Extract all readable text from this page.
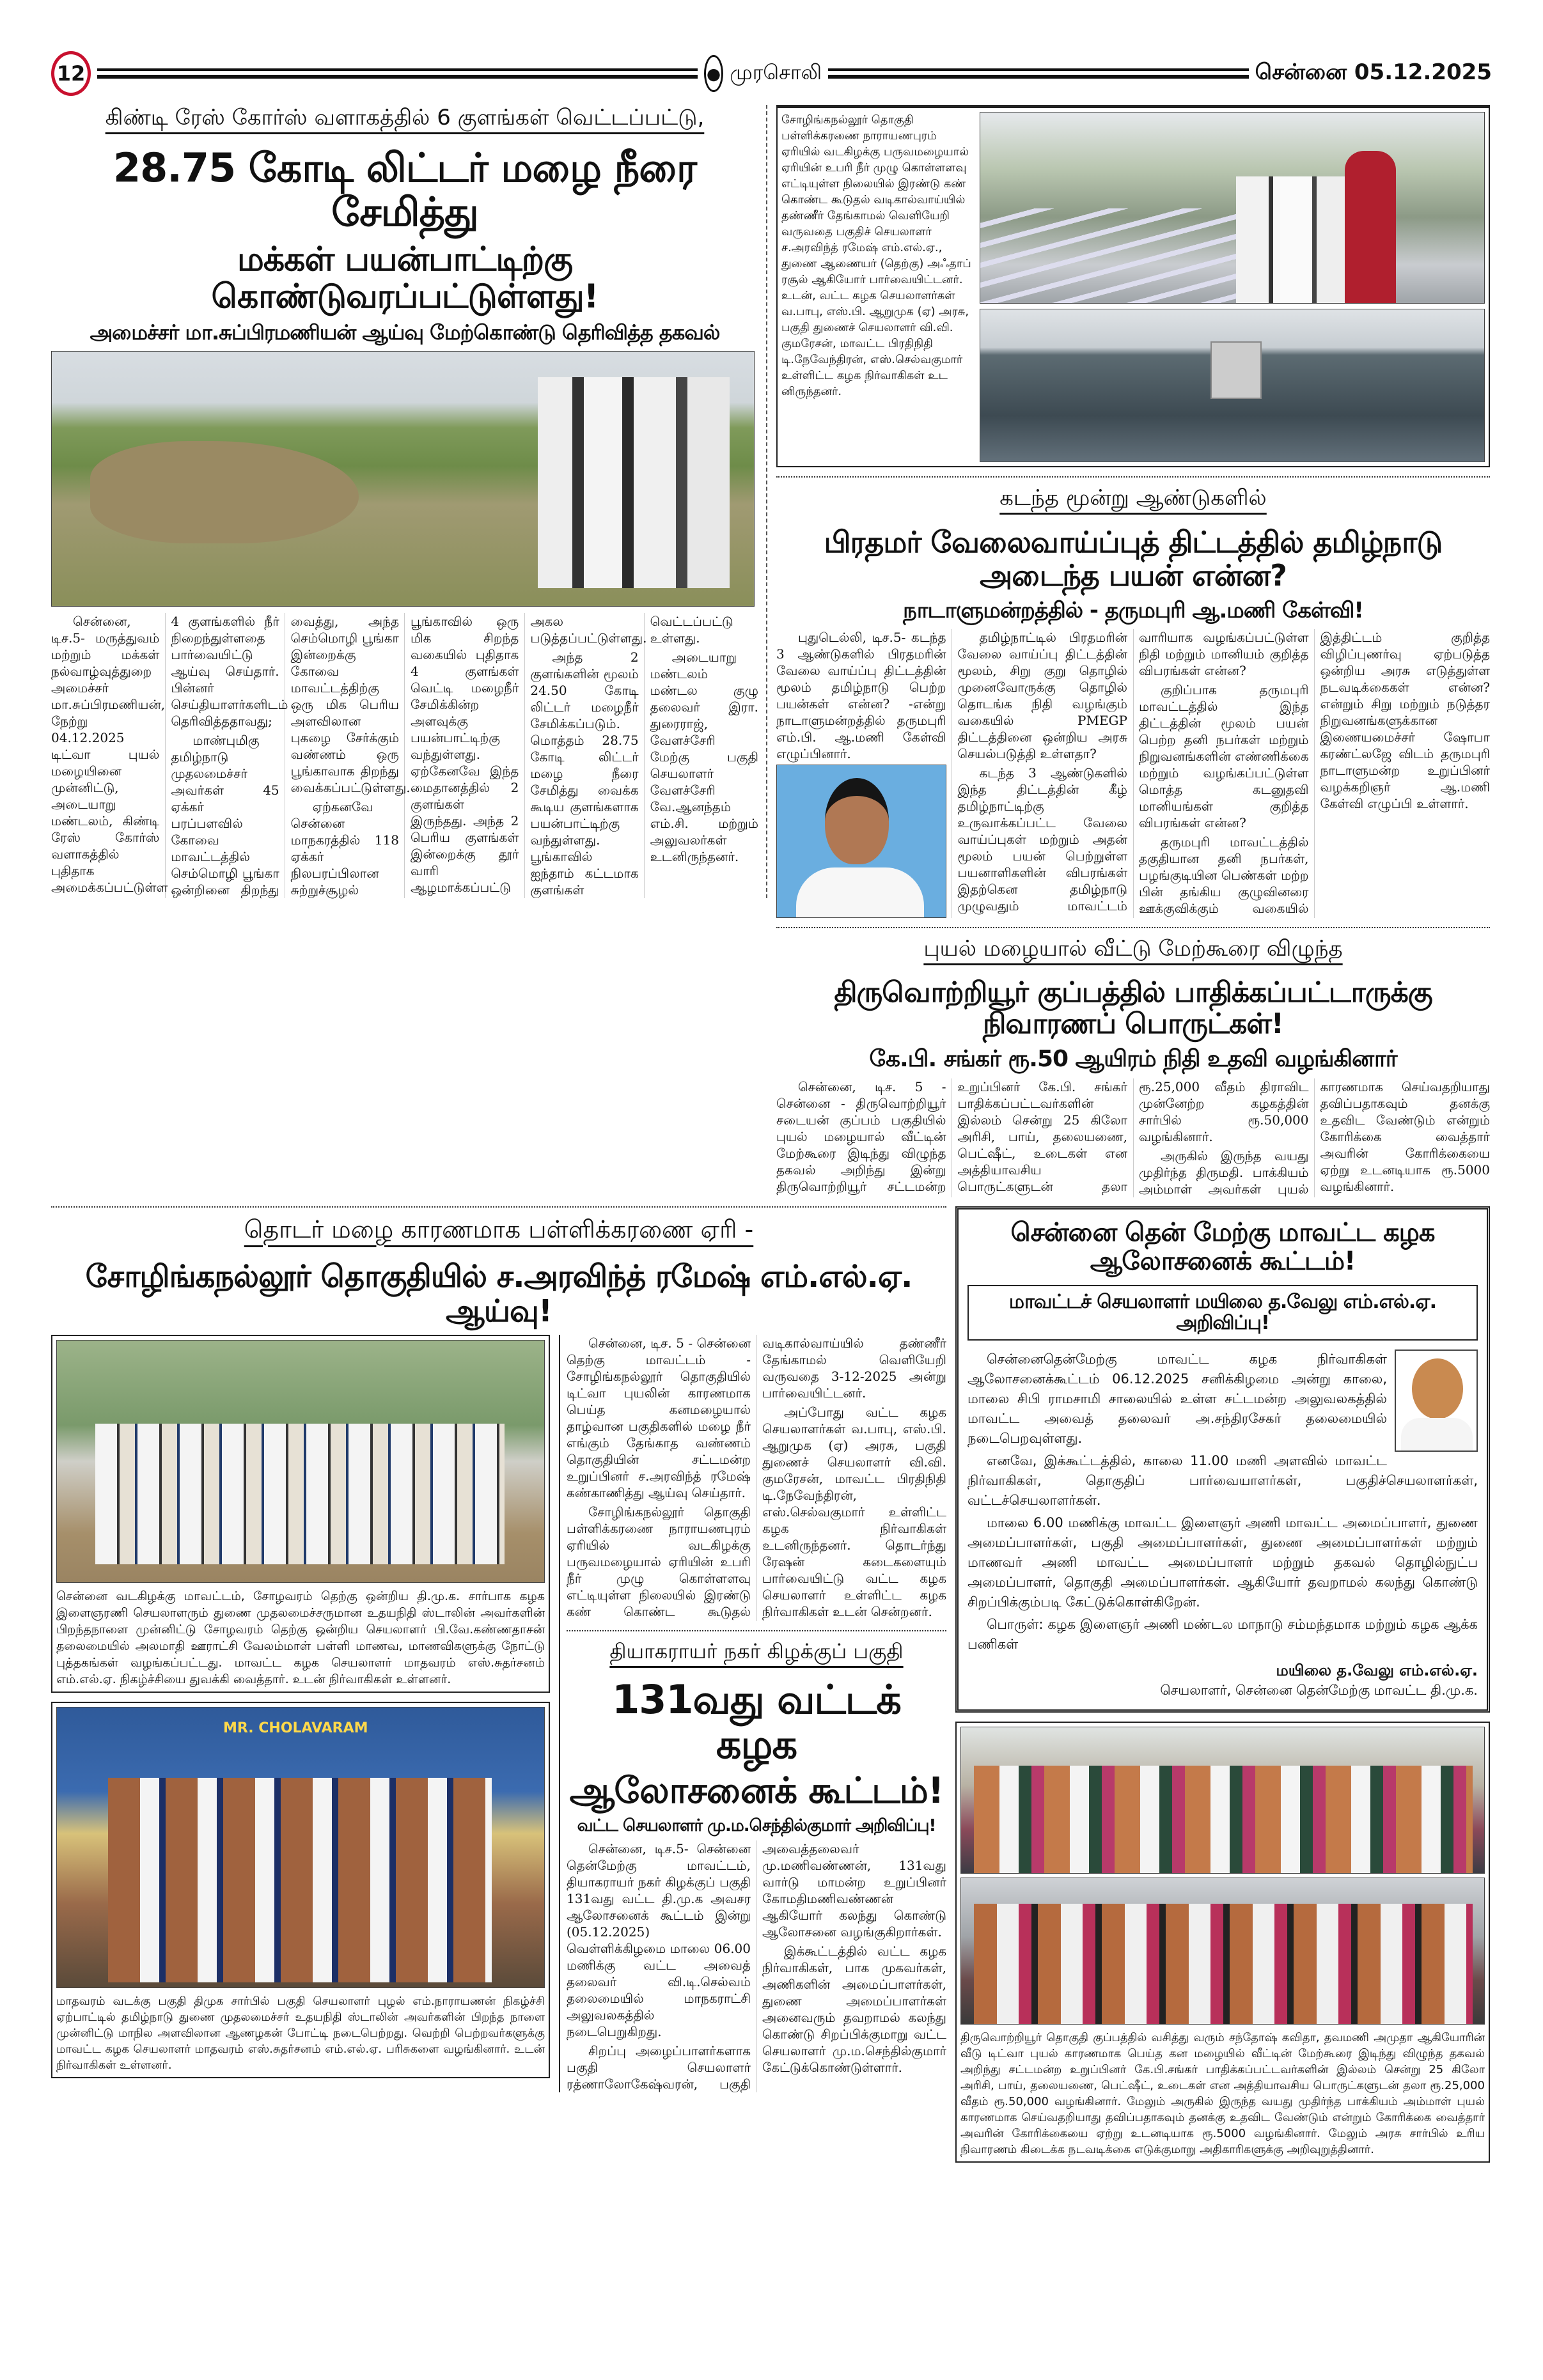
12	முரசொலி	சென்னை 05.12.2025
கிண்டி ரேஸ் கோர்ஸ் வளாகத்தில் 6 குளங்கள் வெட்டப்பட்டு,
28.75 கோடி லிட்டர் மழை நீரை சேமித்து
மக்கள் பயன்பாட்டிற்கு கொண்டுவரப்பட்டுள்ளது!
அமைச்சர் மா.சுப்பிரமணியன் ஆய்வு மேற்கொண்டு தெரிவித்த தகவல்

சென்னை, டிச.5- மருத்துவம் மற்றும் மக்கள் நல்வாழ்வுத்துறை அமைச்சர் மா.சுப்பிரமணியன், நேற்று 04.12.2025 டிட்வா புயல் மழையினை முன்னிட்டு, அடையாறு மண்டலம், கிண்டி ரேஸ் கோர்ஸ் வளாகத்தில் புதிதாக அமைக்கப்பட்டுள்ள 4 குளங்களில் நீர் நிறைந்துள்ளதை பார்வையிட்டு ஆய்வு செய்தார். பின்னர் செய்தியாளர்களிடம் தெரிவித்ததாவது;

மாண்புமிகு தமிழ்நாடு முதலமைச்சர் அவர்கள் 45 ஏக்கர் பரப்பளவில் கோவை மாவட்டத்தில் செம்மொழி பூங்கா ஒன்றினை திறந்து வைத்து, அந்த செம்மொழி பூங்கா இன்றைக்கு கோவை மாவட்டத்திற்கு ஒரு மிக பெரிய அளவிலான புகழை சேர்க்கும் வண்ணம் ஒரு பூங்காவாக திறந்து வைக்கப்பட்டுள்ளது.

ஏற்கனவே சென்னை மாநகரத்தில் 118 ஏக்கர் நிலபரப்பிலான சுற்றுச்சூழல் பூங்காவில் ஒரு மிக சிறந்த வகையில் புதிதாக 4 குளங்கள் வெட்டி மழைநீர் சேமிக்கின்ற அளவுக்கு பயன்பாட்டிற்கு வந்துள்ளது. ஏற்கேனவே இந்த மைதானத்தில் 2 குளங்கள் இருந்தது. அந்த 2 பெரிய குளங்கள் இன்றைக்கு தூர் வாரி ஆழமாக்கப்பட்டு அகல படுத்தப்பட்டுள்ளது.

அந்த 2 குளங்களின் மூலம் 24.50 கோடி லிட்டர் மழைநீர் சேமிக்கப்படும். மொத்தம் 28.75 கோடி லிட்டர் மழை நீரை சேமித்து வைக்க கூடிய குளங்களாக பயன்பாட்டிற்கு வந்துள்ளது. பூங்காவில் ஐந்தாம் கட்டமாக குளங்கள் வெட்டப்பட்டு உள்ளது.

அடையாறு மண்டலம் மண்டல குழு தலைவர் இரா. துரைராஜ், வேளச்சேரி மேற்கு பகுதி செயலாளர் வேளச்சேரி வே.ஆனந்தம் எம்.சி. மற்றும் அலுவலர்கள் உடனிருந்தனர்.

சோழிங்கநல்லூர் தொகுதி பள்ளிக்கரணை நாராயணபுரம் ஏரியில் வடகிழக்கு பருவமழையால் ஏரியின் உபரி நீர் முழு கொள்ளளவு எட்டியுள்ள நிலையில் இரண்டு கண் கொண்ட கூடுதல் வடிகால்வாய்யில் தண்ணீர் தேங்காமல் வெளியேறி வருவதை பகுதிச் செயலாளர் ச.அரவிந்த் ரமேஷ் எம்.எல்.ஏ., துணை ஆணையர் (தெற்கு) அஃதாப் ரசூல் ஆகியோர் பார்வையிட்டனர். உடன், வட்ட கழக செயலாளர்கள் வ.பாபு, எஸ்.பி. ஆறுமுக (ஏ) அரசு, பகுதி துணைச் செயலாளர் வி.வி. குமரேசன், மாவட்ட பிரதிநிதி டி.நேவேந்திரன், எஸ்.செல்வகுமார் உள்ளிட்ட கழக நிர்வாகிகள் உட னிருந்தனர்.
கடந்த மூன்று ஆண்டுகளில்
பிரதமர் வேலைவாய்ப்புத் திட்டத்தில் தமிழ்நாடு அடைந்த பயன் என்ன?
நாடாளுமன்றத்தில் - தருமபுரி ஆ.மணி கேள்வி!

புதுடெல்லி, டிச.5- கடந்த 3 ஆண்டுகளில் பிரதமரின் வேலை வாய்ப்பு திட்டத்தின் மூலம் தமிழ்நாடு பெற்ற பயன்கள் என்ன? -என்று நாடாளுமன்றத்தில் தருமபுரி எம்.பி. ஆ.மணி கேள்வி எழுப்பினார்.

தமிழ்நாட்டில் பிரதமரின் வேலை வாய்ப்பு திட்டத்தின் மூலம், சிறு குறு தொழில் முனைவோருக்கு தொழில் தொடங்க நிதி வழங்கும் வகையில் PMEGP திட்டத்தினை ஒன்றிய அரசு செயல்படுத்தி உள்ளதா?

கடந்த 3 ஆண்டுகளில் இந்த திட்டத்தின் கீழ் தமிழ்நாட்டிற்கு உருவாக்கப்பட்ட வேலை வாய்ப்புகள் மற்றும் அதன் மூலம் பயன் பெற்றுள்ள பயனாளிகளின் விபரங்கள் இதற்கென தமிழ்நாடு முழுவதும் மாவட்டம் வாரியாக வழங்கப்பட்டுள்ள நிதி மற்றும் மானியம் குறித்த விபரங்கள் என்ன?

குறிப்பாக தருமபுரி மாவட்டத்தில் இந்த திட்டத்தின் மூலம் பயன் பெற்ற தனி நபர்கள் மற்றும் நிறுவனங்களின் எண்ணிக்கை மற்றும் வழங்கப்பட்டுள்ள மொத்த கடனுதவி மானியங்கள் குறித்த விபரங்கள் என்ன?

தருமபுரி மாவட்டத்தில் தகுதியான தனி நபர்கள், பழங்குடியின பெண்கள் மற்ற பின் தங்கிய குழுவினரை ஊக்குவிக்கும் வகையில் இத்திட்டம் குறித்த விழிப்புணர்வு ஏற்படுத்த ஒன்றிய அரசு எடுத்துள்ள நடவடிக்கைகள் என்ன? என்றும் சிறு மற்றும் நடுத்தர நிறுவனங்களுக்கான இணையமைச்சர் ஷோபா கரண்ட்லஜே விடம் தருமபுரி நாடாளுமன்ற உறுப்பினர் வழக்கறிஞர் ஆ.மணி கேள்வி எழுப்பி உள்ளார்.

புயல் மழையால் வீட்டு மேற்கூரை விழுந்த
திருவொற்றியூர் குப்பத்தில் பாதிக்கப்பட்டாருக்கு நிவாரணப் பொருட்கள்!
கே.பி. சங்கர் ரூ.50 ஆயிரம் நிதி உதவி வழங்கினார்

சென்னை, டிச. 5 - சென்னை - திருவொற்றியூர் சடையன் குப்பம் பகுதியில் புயல் மழையால் வீட்டின் மேற்கூரை இடிந்து விழுந்த தகவல் அறிந்து இன்று திருவொற்றியூர் சட்டமன்ற உறுப்பினர் கே.பி. சங்கர் பாதிக்கப்பட்டவர்களின் இல்லம் சென்று 25 கிலோ அரிசி, பாய், தலையணை, பெட்ஷீட், உடைகள் என அத்தியாவசிய பொருட்களுடன் தலா ரூ.25,000 வீதம் திராவிட முன்னேற்ற கழகத்தின் சார்பில் ரூ.50,000 வழங்கினார்.

அருகில் இருந்த வயது முதிர்ந்த திருமதி. பாக்கியம் அம்மாள் அவர்கள் புயல் காரணமாக செய்வதறியாது தவிப்பதாகவும் தனக்கு உதவிட வேண்டும் என்றும் கோரிக்கை வைத்தார் அவரின் கோரிக்கையை ஏற்று உடனடியாக ரூ.5000 வழங்கினார்.

தொடர் மழை காரணமாக பள்ளிக்கரணை ஏரி -
சோழிங்கநல்லூர் தொகுதியில் ச.அரவிந்த் ரமேஷ் எம்.எல்.ஏ. ஆய்வு!
சென்னை வடகிழக்கு மாவட்டம், சோழவரம் தெற்கு ஒன்றிய தி.மு.க. சார்பாக கழக இளைஞரணி செயலாளரும் துணை முதலமைச்சருமான உதயநிதி ஸ்டாலின் அவர்களின் பிறந்தநாளை முன்னிட்டு சோழவரம் தெற்கு ஒன்றிய செயலாளர் பி.வே.கண்ணதாசன் தலைமையில் அலமாதி ஊராட்சி வேலம்மாள் பள்ளி மாணவ, மாணவிகளுக்கு நோட்டு புத்தகங்கள் வழங்கப்பட்டது. மாவட்ட கழக செயலாளர் மாதவரம் எஸ்.சுதர்சனம் எம்.எல்.ஏ. நிகழ்ச்சியை துவக்கி வைத்தார். உடன் நிர்வாகிகள் உள்ளனர்.
MR. CHOLAVARAM
மாதவரம் வடக்கு பகுதி திமுக சார்பில் பகுதி செயலாளர் புழல் எம்.நாராயணன் நிகழ்ச்சி ஏற்பாட்டில் தமிழ்நாடு துணை முதலமைச்சர் உதயநிதி ஸ்டாலின் அவர்களின் பிறந்த நாளை முன்னிட்டு மாநில அளவிலான ஆணழகன் போட்டி நடைபெற்றது. வெற்றி பெற்றவர்களுக்கு மாவட்ட கழக செயலாளர் மாதவரம் எஸ்.சுதர்சனம் எம்.எல்.ஏ. பரிசுகளை வழங்கினார். உடன் நிர்வாகிகள் உள்ளனர்.

சென்னை, டிச. 5 - சென்னை தெற்கு மாவட்டம் - சோழிங்கநல்லூர் தொகுதியில் டிட்வா புயலின் காரணமாக பெய்த கனமழையால் தாழ்வான பகுதிகளில் மழை நீர் எங்கும் தேங்காத வண்ணம் தொகுதியின் சட்டமன்ற உறுப்பினர் ச.அரவிந்த் ரமேஷ் கண்காணித்து ஆய்வு செய்தார்.

சோழிங்கநல்லூர் தொகுதி பள்ளிக்கரணை நாராயணபுரம் ஏரியில் வடகிழக்கு பருவமழையால் ஏரியின் உபரி நீர் முழு கொள்ளளவு எட்டியுள்ள நிலையில் இரண்டு கண் கொண்ட கூடுதல் வடிகால்வாய்யில் தண்ணீர் தேங்காமல் வெளியேறி வருவதை 3-12-2025 அன்று பார்வையிட்டனர்.

அப்போது வட்ட கழக செயலாளர்கள் வ.பாபு, எஸ்.பி. ஆறுமுக (ஏ) அரசு, பகுதி துணைச் செயலாளர் வி.வி. குமரேசன், மாவட்ட பிரதிநிதி டி.நேவேந்திரன், எஸ்.செல்வகுமார் உள்ளிட்ட கழக நிர்வாகிகள் உடனிருந்தனர். தொடர்ந்து ரேஷன் கடைகளையும் பார்வையிட்டு வட்ட கழக செயலாளர் உள்ளிட்ட கழக நிர்வாகிகள் உடன் சென்றனர்.

தியாகராயர் நகர் கிழக்குப் பகுதி
131வது வட்டக் கழக
ஆலோசனைக் கூட்டம்!
வட்ட செயலாளர் மு.ம.செந்தில்குமார் அறிவிப்பு!

சென்னை, டிச.5- சென்னை தென்மேற்கு மாவட்டம், தியாகராயர் நகர் கிழக்குப் பகுதி 131வது வட்ட தி.மு.க அவசர ஆலோசனைக் கூட்டம் இன்று (05.12.2025) வெள்ளிக்கிழமை மாலை 06.00 மணிக்கு வட்ட அவைத் தலைவர் வி.டி.செல்வம் தலைமையில் மாநகராட்சி அலுவலகத்தில் நடைபெறுகிறது.

சிறப்பு அழைப்பாளர்களாக பகுதி செயலாளர் ரத்ணாலோகேஷ்வரன், பகுதி அவைத்தலைவர் மு.மணிவண்ணன், 131வது வார்டு மாமன்ற உறுப்பினர் கோமதிமணிவண்ணன் ஆகியோர் கலந்து கொண்டு ஆலோசனை வழங்குகிறார்கள்.

இக்கூட்டத்தில் வட்ட கழக நிர்வாகிகள், பாக முகவர்கள், அணிகளின் அமைப்பாளர்கள், துணை அமைப்பாளர்கள் அனைவரும் தவறாமல் கலந்து கொண்டு சிறப்பிக்குமாறு வட்ட செயலாளர் மு.ம.செந்தில்குமார் கேட்டுக்கொண்டுள்ளார்.

சென்னை தென் மேற்கு மாவட்ட கழக ஆலோசனைக் கூட்டம்!
மாவட்டச் செயலாளர் மயிலை த.வேலு எம்.எல்.ஏ. அறிவிப்பு!

சென்னைதென்மேற்கு மாவட்ட கழக நிர்வாகிகள் ஆலோசனைக்கூட்டம் 06.12.2025 சனிக்கிழமை அன்று காலை, மாலை சிபி ராமசாமி சாலையில் உள்ள சட்டமன்ற அலுவலகத்தில் மாவட்ட அவைத் தலைவர் அ.சந்திரசேகர் தலைமையில் நடைபெறவுள்ளது.

எனவே, இக்கூட்டத்தில், காலை 11.00 மணி அளவில் மாவட்ட நிர்வாகிகள், தொகுதிப் பார்வையாளர்கள், பகுதிச்செயலாளர்கள், வட்டச்செயலாளர்கள்.

மாலை 6.00 மணிக்கு மாவட்ட இளைஞர் அணி மாவட்ட அமைப்பாளர், துணை அமைப்பாளர்கள், பகுதி அமைப்பாளர்கள், துணை அமைப்பாளர்கள் மற்றும் மாணவர் அணி மாவட்ட அமைப்பாளர் மற்றும் தகவல் தொழில்நுட்ப அமைப்பாளர், தொகுதி அமைப்பாளர்கள். ஆகியோர் தவறாமல் கலந்து கொண்டு சிறப்பிக்கும்படி கேட்டுக்கொள்கிறேன்.

பொருள்: கழக இளைஞர் அணி மண்டல மாநாடு சம்மந்தமாக மற்றும் கழக ஆக்க பணிகள்

மயிலை த.வேலு எம்.எல்.ஏ.
செயலாளர், சென்னை தென்மேற்கு மாவட்ட தி.மு.க.
திருவொற்றியூர் தொகுதி குப்பத்தில் வசித்து வரும் சந்தோஷ் கவிதா, தவமணி அமுதா ஆகியோரின் வீடு டிட்வா புயல் காரணமாக பெய்த கன மழையில் வீட்டின் மேற்கூரை இடிந்து விழுந்த தகவல் அறிந்து சட்டமன்ற உறுப்பினர் கே.பி.சங்கர் பாதிக்கப்பட்டவர்களின் இல்லம் சென்று 25 கிலோ அரிசி, பாய், தலையணை, பெட்ஷீட், உடைகள் என அத்தியாவசிய பொருட்களுடன் தலா ரூ.25,000 வீதம் ரூ.50,000 வழங்கினார். மேலும் அருகில் இருந்த வயது முதிர்ந்த பாக்கியம் அம்மாள் புயல் காரணமாக செய்வதறியாது தவிப்பதாகவும் தனக்கு உதவிட வேண்டும் என்றும் கோரிக்கை வைத்தார் அவரின் கோரிக்கையை ஏற்று உடனடியாக ரூ.5000 வழங்கினார். மேலும் அரசு சார்பில் உரிய நிவாரணம் கிடைக்க நடவடிக்கை எடுக்குமாறு அதிகாரிகளுக்கு அறிவுறுத்தினார்.
